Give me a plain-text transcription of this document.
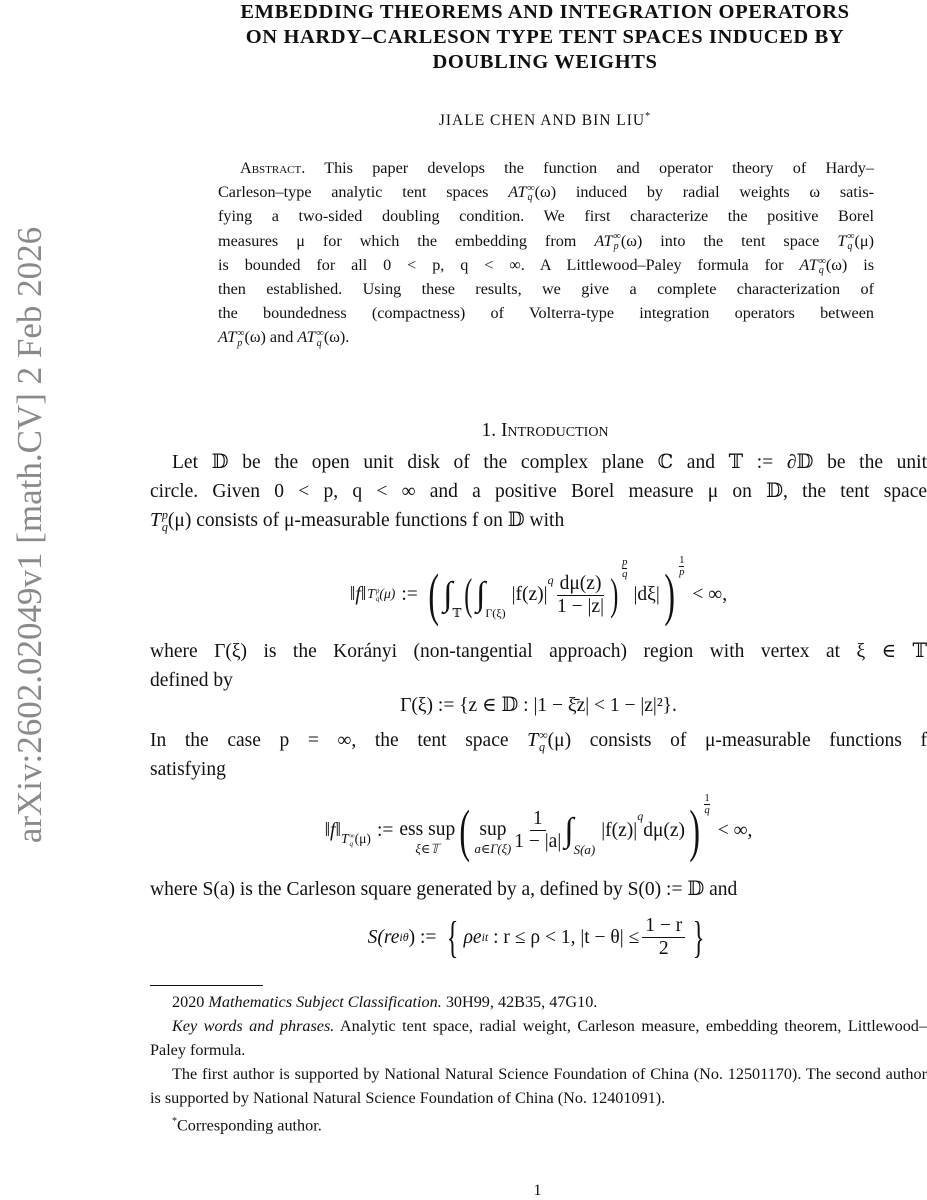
arXiv:2602.02049v1 [math.CV] 2 Feb 2026
EMBEDDING THEOREMS AND INTEGRATION OPERATORS
ON HARDY–CARLESON TYPE TENT SPACES INDUCED BY
DOUBLING WEIGHTS
JIALE CHEN AND BIN LIU*
Abstract. This paper develops the function and operator theory of Hardy–
Carleson–type analytic tent spaces AT ∞
q (ω) induced by radial weights ω satis-
fying a two-sided doubling condition. We first characterize the positive Borel
measures μ for which the embedding from AT ∞
p (ω) into the tent space T ∞
q (μ)
is bounded for all 0 < p, q < ∞. A Littlewood–Paley formula for AT ∞
q (ω) is
then established. Using these results, we give a complete characterization of
the boundedness (compactness) of Volterra-type integration operators between
AT ∞
p (ω) and AT ∞
q (ω).
1. Introduction
Let 𝔻 be the open unit disk of the complex plane ℂ and 𝕋 := ∂𝔻 be the unit
circle. Given 0 < p, q < ∞ and a positive Borel measure μ on 𝔻, the tent space
T p
q (μ) consists of μ-measurable functions f on 𝔻 with
‖f‖ T p
q (μ) := ( ∫ 𝕋 ( ∫ Γ(ξ)
|f(z)|
$^q \frac{d\mu(z)}{1 - |z|}$ )
$\frac{p}{q}$
|dξ| ) $\frac{1}{p}$
< ∞,
where Γ(ξ) is the Korányi (non-tangential approach) region with vertex at ξ ∈ 𝕋
defined by
Γ(ξ) := {z ∈ 𝔻 : |1 − ξ̄z| < 1 − |z|²}.
In the case p = ∞, the tent space T ∞
q (μ) consists of μ-measurable functions f
satisfying
‖f‖ T ∞
q (μ) := ess sup
ξ∈𝕋 ( sup
a∈Γ(ξ) $\frac{1}{1 - |a|}$ ∫
S(a)
|f(z)|
$^q$
dμ(z) ) $\frac{1}{q}$
< ∞,
where S(a) is the Carleson square generated by a, defined by S(0) := 𝔻 and
S(re iθ ) := { ρe it : r ≤ ρ < 1, $|t - \theta| \le \frac{1 - r}{2}$ }
2020 Mathematics Subject Classification. 30H99, 42B35, 47G10.
Key words and phrases. Analytic tent space, radial weight, Carleson measure, embedding theorem, Littlewood–Paley formula.
The first author is supported by National Natural Science Foundation of China (No. 12501170). The second author is supported by National Natural Science Foundation of China (No. 12401091).
*Corresponding author.
1
